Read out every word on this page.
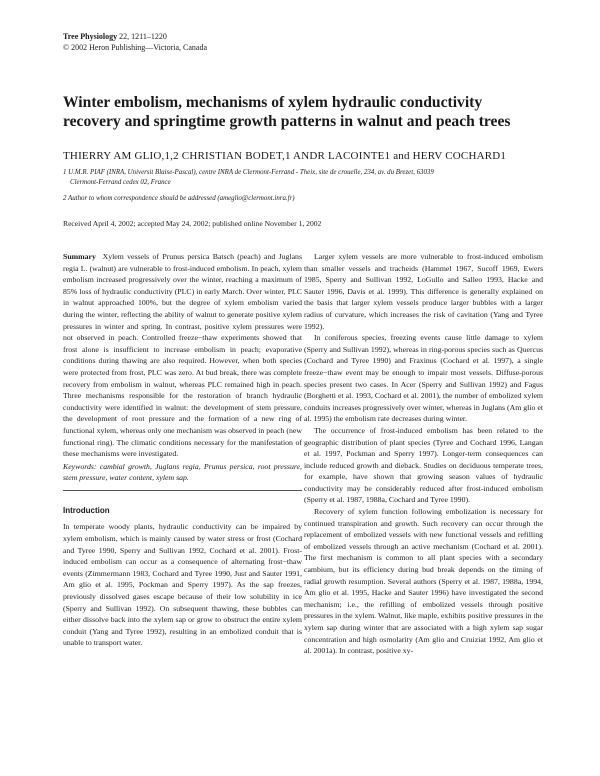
Tree Physiology 22, 1211–1220
© 2002 Heron Publishing—Victoria, Canada
Winter embolism, mechanisms of xylem hydraulic conductivity recovery and springtime growth patterns in walnut and peach trees
THIERRY AM GLIO,1,2 CHRISTIAN BODET,1 ANDR LACOINTE1 and HERV COCHARD1
1 U.M.R. PIAF (INRA, Universit Blaise-Pascal), centre INRA de Clermont-Ferrand - Theix, site de crouelle, 234, av. du Brezet, 63039
Clermont-Ferrand cedex 02, France
2 Author to whom correspondence should be addressed (ameglio@clermont.inra.fr)
Received April 4, 2002; accepted May 24, 2002; published online November 1, 2002

Summary Xylem vessels of Prunus persica Batsch (peach) and Juglans regia L. (walnut) are vulnerable to frost-induced embolism. In peach, xylem embolism increased progressively over the winter, reaching a maximum of 85% loss of hydraulic conductivity (PLC) in early March. Over winter, PLC in walnut approached 100%, but the degree of xylem embolism varied during the winter, reflecting the ability of walnut to generate positive xylem pressures in winter and spring. In contrast, positive xylem pressures were not observed in peach. Controlled freeze−thaw experiments showed that frost alone is insufficient to increase embolism in peach; evaporative conditions during thawing are also required. However, when both species were protected from frost, PLC was zero. At bud break, there was complete recovery from embolism in walnut, whereas PLC remained high in peach. Three mechanisms responsible for the restoration of branch hydraulic conductivity were identified in walnut: the development of stem pressure, the development of root pressure and the formation of a new ring of functional xylem, whereas only one mechanism was observed in peach (new functional ring). The climatic conditions necessary for the manifestation of these mechanisms were investigated.

Keywords: cambial growth, Juglans regia, Prunus persica, root pressure, stem pressure, water content, xylem sap.

Introduction

In temperate woody plants, hydraulic conductivity can be impaired by xylem embolism, which is mainly caused by water stress or frost (Cochard and Tyree 1990, Sperry and Sullivan 1992, Cochard et al. 2001). Frost-induced embolism can occur as a consequence of alternating frost−thaw events (Zimmermann 1983, Cochard and Tyree 1990, Just and Sauter 1991, Am glio et al. 1995, Pockman and Sperry 1997). As the sap freezes, previously dissolved gases escape because of their low solubility in ice (Sperry and Sullivan 1992). On subsequent thawing, these bubbles can either dissolve back into the xylem sap or grow to obstruct the entire xylem conduit (Yang and Tyree 1992), resulting in an embolized conduit that is unable to transport water.

Larger xylem vessels are more vulnerable to frost-induced embolism than smaller vessels and tracheids (Hammel 1967, Sucoff 1969, Ewers 1985, Sperry and Sullivan 1992, LoGullo and Salleo 1993, Hacke and Sauter 1996, Davis et al. 1999). This difference is generally explained on the basis that larger xylem vessels produce larger bubbles with a larger radius of curvature, which increases the risk of cavitation (Yang and Tyree 1992).

In coniferous species, freezing events cause little damage to xylem (Sperry and Sullivan 1992), whereas in ring-porous species such as Quercus (Cochard and Tyree 1990) and Fraxinus (Cochard et al. 1997), a single freeze−thaw event may be enough to impair most vessels. Diffuse-porous species present two cases. In Acer (Sperry and Sullivan 1992) and Fagus (Borghetti et al. 1993, Cochard et al. 2001), the number of embolized xylem conduits increases progressively over winter, whereas in Juglans (Am glio et al. 1995) the embolism rate decreases during winter.

The occurrence of frost-induced embolism has been related to the geographic distribution of plant species (Tyree and Cochard 1996, Langan et al. 1997, Pockman and Sperry 1997). Longer-term consequences can include reduced growth and dieback. Studies on deciduous temperate trees, for example, have shown that growing season values of hydraulic conductivity may be considerably reduced after frost-induced embolism (Sperry et al. 1987, 1988a, Cochard and Tyree 1990).

Recovery of xylem function following embolization is necessary for continued transpiration and growth. Such recovery can occur through the replacement of embolized vessels with new functional vessels and refilling of embolized vessels through an active mechanism (Cochard et al. 2001). The first mechanism is common to all plant species with a secondary cambium, but its efficiency during bud break depends on the timing of radial growth resumption. Several authors (Sperry et al. 1987, 1988a, 1994, Am glio et al. 1995, Hacke and Sauter 1996) have investigated the second mechanism; i.e., the refilling of embolized vessels through positive pressures in the xylem. Walnut, like maple, exhibits positive pressures in the xylem sap during winter that are associated with a high xylem sap sugar concentration and high osmolarity (Am glio and Cruiziat 1992, Am glio et al. 2001a). In contrast, positive xy-
